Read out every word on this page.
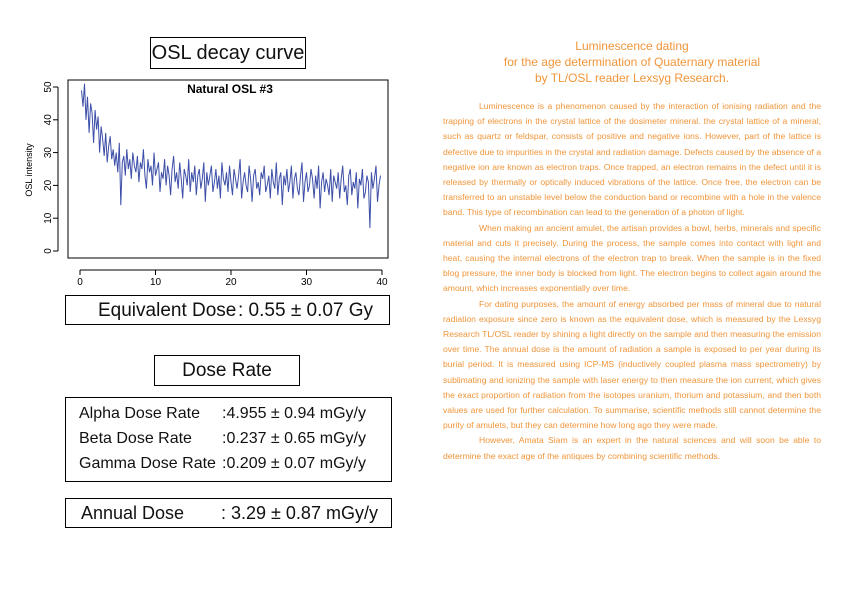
OSL decay curve
Natural OSL #3
OSL intensity
0	10	20	30	40
0
10
20
30
40
50
Equivalent Dose : 0.55 ± 0.07 Gy
Dose Rate
Alpha Dose Rate :4.955 ± 0.94 mGy/y
Beta Dose Rate :0.237 ± 0.65 mGy/y
Gamma Dose Rate :0.209 ± 0.07 mGy/y
Annual Dose : 3.29 ± 0.87 mGy/y
Luminescence dating
for the age determination of Quaternary material
by TL/OSL reader Lexsyg Research.

Luminescence is a phenomenon caused by the interaction of ionising radiation and the trapping of electrons in the crystal lattice of the dosimeter mineral. the crystal lattice of a mineral, such as quartz or feldspar, consists of positive and negative ions. However, part of the lattice is defective due to impurities in the crystal and radiation damage. Defects caused by the absence of a negative ion are known as electron traps. Once trapped, an electron remains in the defect until it is released by thermally or optically induced vibrations of the lattice. Once free, the electron can be transferred to an unstable level below the conduction band or recombine with a hole in the valence band. This type of recombination can lead to the generation of a photon of light.

When making an ancient amulet, the artisan provides a bowl, herbs, minerals and specific material and cuts it precisely. During the process, the sample comes into contact with light and heat, causing the internal electrons of the electron trap to break. When the sample is in the fixed blog pressure, the inner body is blocked from light. The electron begins to collect again around the amount, which increases exponentially over time.

For dating purposes, the amount of energy absorbed per mass of mineral due to natural radiation exposure since zero is known as the equivalent dose, which is measured by the Lexsyg Research TL/OSL reader by shining a light directly on the sample and then measuring the emission over time. The annual dose is the amount of radiation a sample is exposed to per year during its burial period. It is measured using ICP-MS (inductively coupled plasma mass spectrometry) by sublimating and ionizing the sample with laser energy to then measure the ion current, which gives the exact proportion of radiation from the isotopes uranium, thorium and potassium, and then both values are used for further calculation. To summarise, scientific methods still cannot determine the purity of amulets, but they can determine how long ago they were made.

However, Amata Siam is an expert in the natural sciences and will soon be able to determine the exact age of the antiques by combining scientific methods.
